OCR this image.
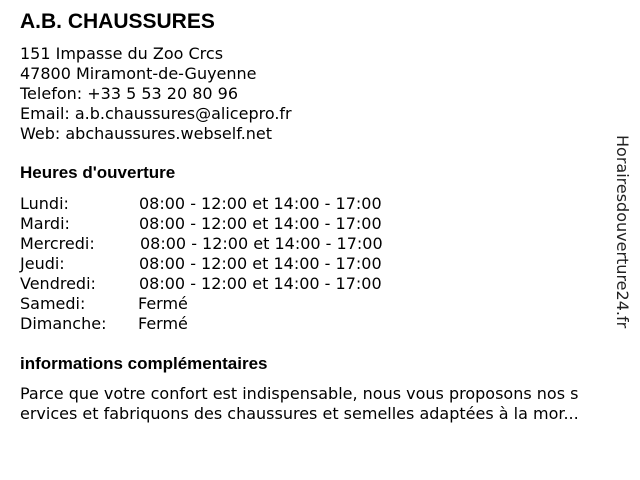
A.B. CHAUSSURES
151 Impasse du Zoo Crcs
47800 Miramont-de-Guyenne
Telefon: +33 5 53 20 80 96
Email: a.b.chaussures@alicepro.fr
Web: abchaussures.webself.net
Heures d'ouverture
Lundi:	08:00 - 12:00 et 14:00 - 17:00
Mardi:	08:00 - 12:00 et 14:00 - 17:00
Mercredi:	08:00 - 12:00 et 14:00 - 17:00
Jeudi:	08:00 - 12:00 et 14:00 - 17:00
Vendredi:	08:00 - 12:00 et 14:00 - 17:00
Samedi:	Fermé
Dimanche: Fermé
informations complémentaires
Parce que votre confort est indispensable, nous vous proposons nos s
ervices et fabriquons des chaussures et semelles adaptées à la mor...
Horairesdouverture24.fr
